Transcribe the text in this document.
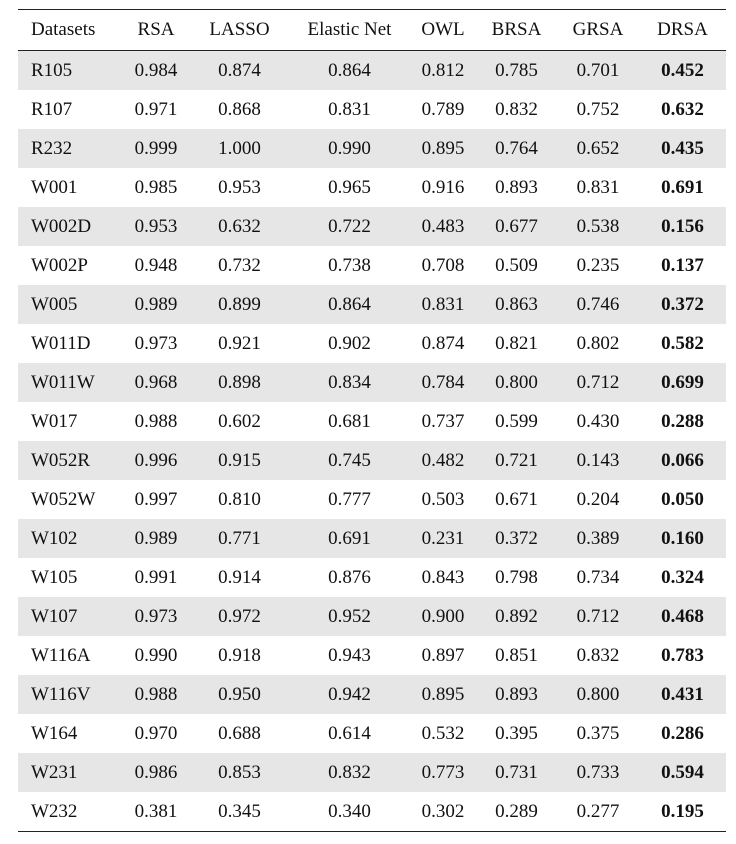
Datasets	RSA	LASSO	Elastic Net	OWL	BRSA	GRSA	DRSA
R105	0.984	0.874	0.864	0.812	0.785	0.701	0.452
R107	0.971	0.868	0.831	0.789	0.832	0.752	0.632
R232	0.999	1.000	0.990	0.895	0.764	0.652	0.435
W001	0.985	0.953	0.965	0.916	0.893	0.831	0.691
W002D	0.953	0.632	0.722	0.483	0.677	0.538	0.156
W002P	0.948	0.732	0.738	0.708	0.509	0.235	0.137
W005	0.989	0.899	0.864	0.831	0.863	0.746	0.372
W011D	0.973	0.921	0.902	0.874	0.821	0.802	0.582
W011W	0.968	0.898	0.834	0.784	0.800	0.712	0.699
W017	0.988	0.602	0.681	0.737	0.599	0.430	0.288
W052R	0.996	0.915	0.745	0.482	0.721	0.143	0.066
W052W	0.997	0.810	0.777	0.503	0.671	0.204	0.050
W102	0.989	0.771	0.691	0.231	0.372	0.389	0.160
W105	0.991	0.914	0.876	0.843	0.798	0.734	0.324
W107	0.973	0.972	0.952	0.900	0.892	0.712	0.468
W116A	0.990	0.918	0.943	0.897	0.851	0.832	0.783
W116V	0.988	0.950	0.942	0.895	0.893	0.800	0.431
W164	0.970	0.688	0.614	0.532	0.395	0.375	0.286
W231	0.986	0.853	0.832	0.773	0.731	0.733	0.594
W232	0.381	0.345	0.340	0.302	0.289	0.277	0.195
